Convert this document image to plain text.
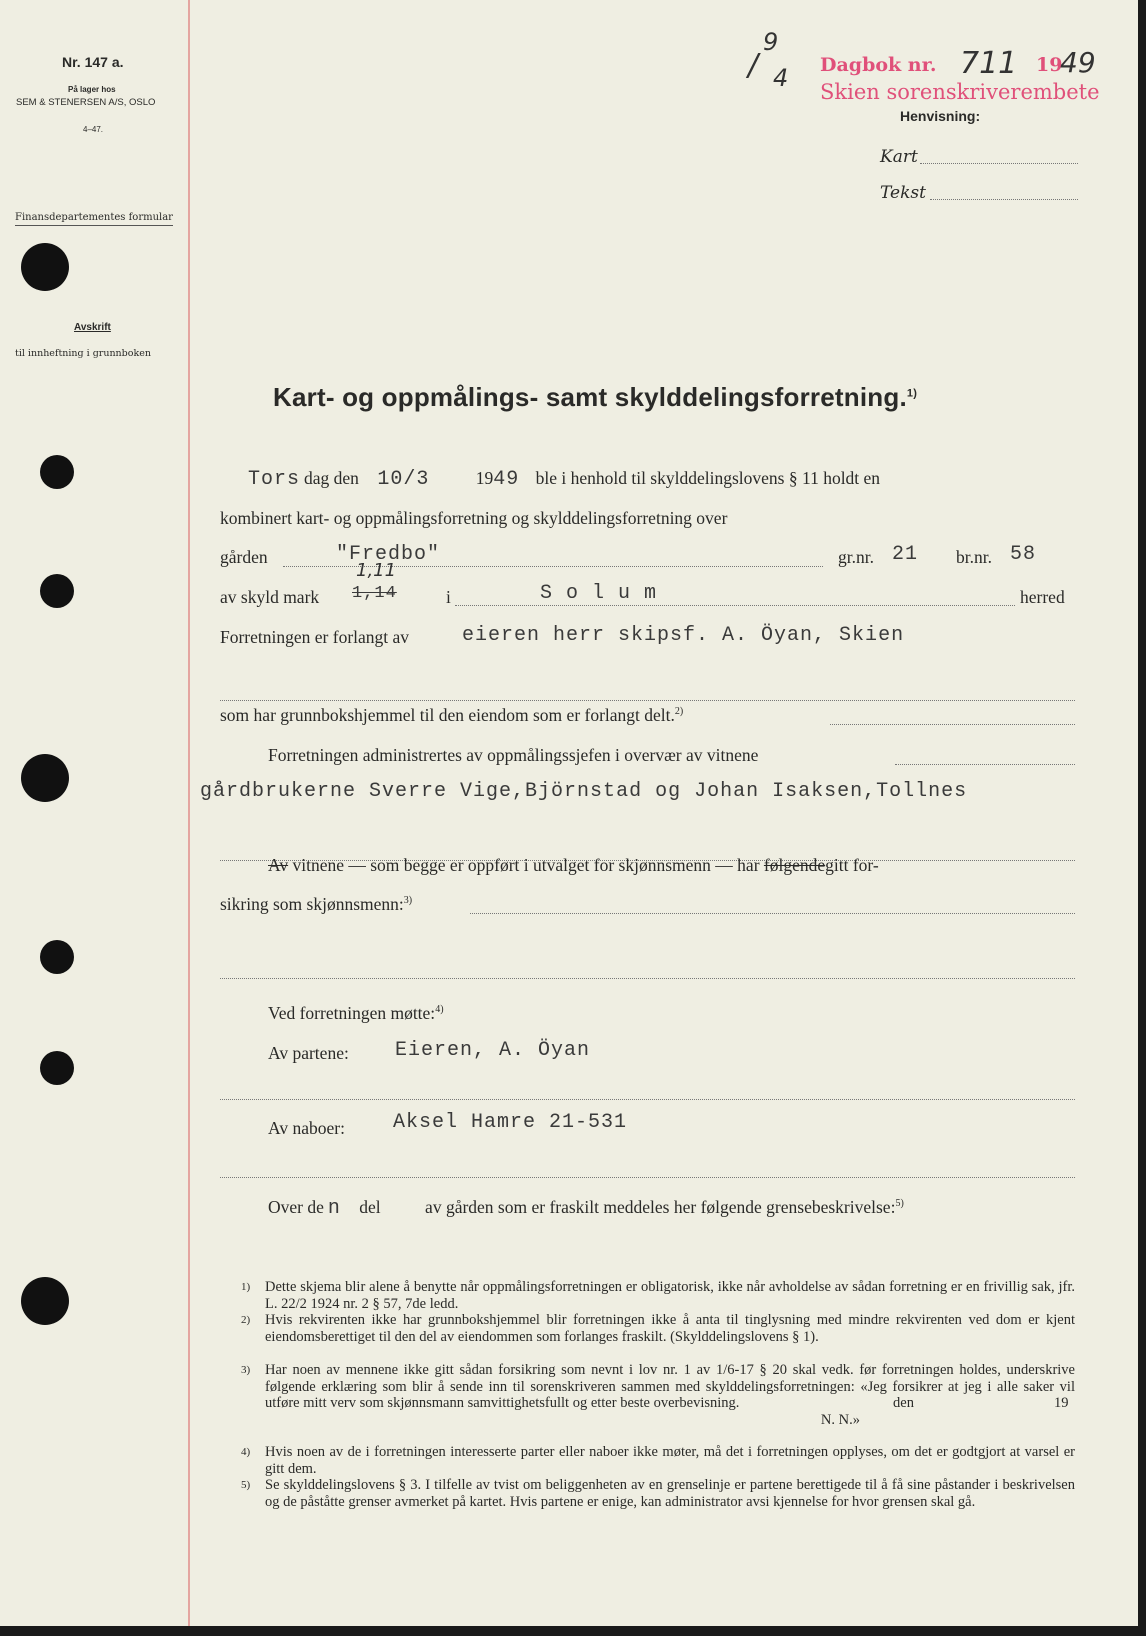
Nr. 147 a.
På lager hos
SEM & STENERSEN A/S, OSLO
4–47.
Finansdepartementes formular
Avskrift
til innheftning i grunnboken
9
/ 4 Dagbok nr. 711 19
49
Skien sorenskriverembete
Henvisning:
Kart
Tekst
Kart- og oppmålings- samt skylddelingsforretning.$^{1)}$
Tors dag den 10/3	1949 ble i henhold til skylddelingslovens § 11 holdt en
kombinert kart- og oppmålingsforretning og skylddelingsforretning over
gården	"Fredbo"	gr.nr. 21 br.nr. 58
av skyld mark 1,14
1,11
i	S o l u m	herred
Forretningen er forlangt av	eieren herr skipsf. A. Öyan, Skien
som har grunnbokshjemmel til den eiendom som er forlangt delt.$^{2)}$
Forretningen administrertes av oppmålingssjefen i overvær av vitnene
gårdbrukerne Sverre Vige,Björnstad og Johan Isaksen,Tollnes
Av vitnene — som begge er oppført i utvalget for skjønnsmenn — har følgendegitt for-
sikring som skjønnsmenn:$^{3)}$
Ved forretningen møtte:$^{4)}$
Av partene: Eieren, A. Öyan
Av naboer: Aksel Hamre 21-531
Over de n del	av gården som er fraskilt meddeles her følgende grensebeskrivelse:$^{5)}$
1) Dette skjema blir alene å benytte når oppmålingsforretningen er obligatorisk, ikke når avholdelse av sådan forretning er en frivillig sak, jfr. L. 22/2 1924 nr. 2 § 57, 7de ledd.
2) Hvis rekvirenten ikke har grunnbokshjemmel blir forretningen ikke å anta til tinglysning med mindre rekvirenten ved dom er kjent eiendomsberettiget til den del av eiendommen som forlanges fraskilt. (Skylddelingslovens § 1).
3) Har noen av mennene ikke gitt sådan forsikring som nevnt i lov nr. 1 av 1/6-17 § 20 skal vedk. før forretningen holdes, underskrive følgende erklæring som blir å sende inn til sorenskriveren sammen med skylddelingsforretningen: «Jeg forsikrer at jeg i alle saker vil utføre mitt verv som skjønnsmann samvittighetsfullt og etter beste overbevisning.	den	19
N. N.»
4) Hvis noen av de i forretningen interesserte parter eller naboer ikke møter, må det i forretningen opplyses, om det er godtgjort at varsel er gitt dem.
5) Se skylddelingslovens § 3. I tilfelle av tvist om beliggenheten av en grenselinje er partene berettigede til å få sine påstander i beskrivelsen og de påståtte grenser avmerket på kartet. Hvis partene er enige, kan administrator avsi kjennelse for hvor grensen skal gå.
